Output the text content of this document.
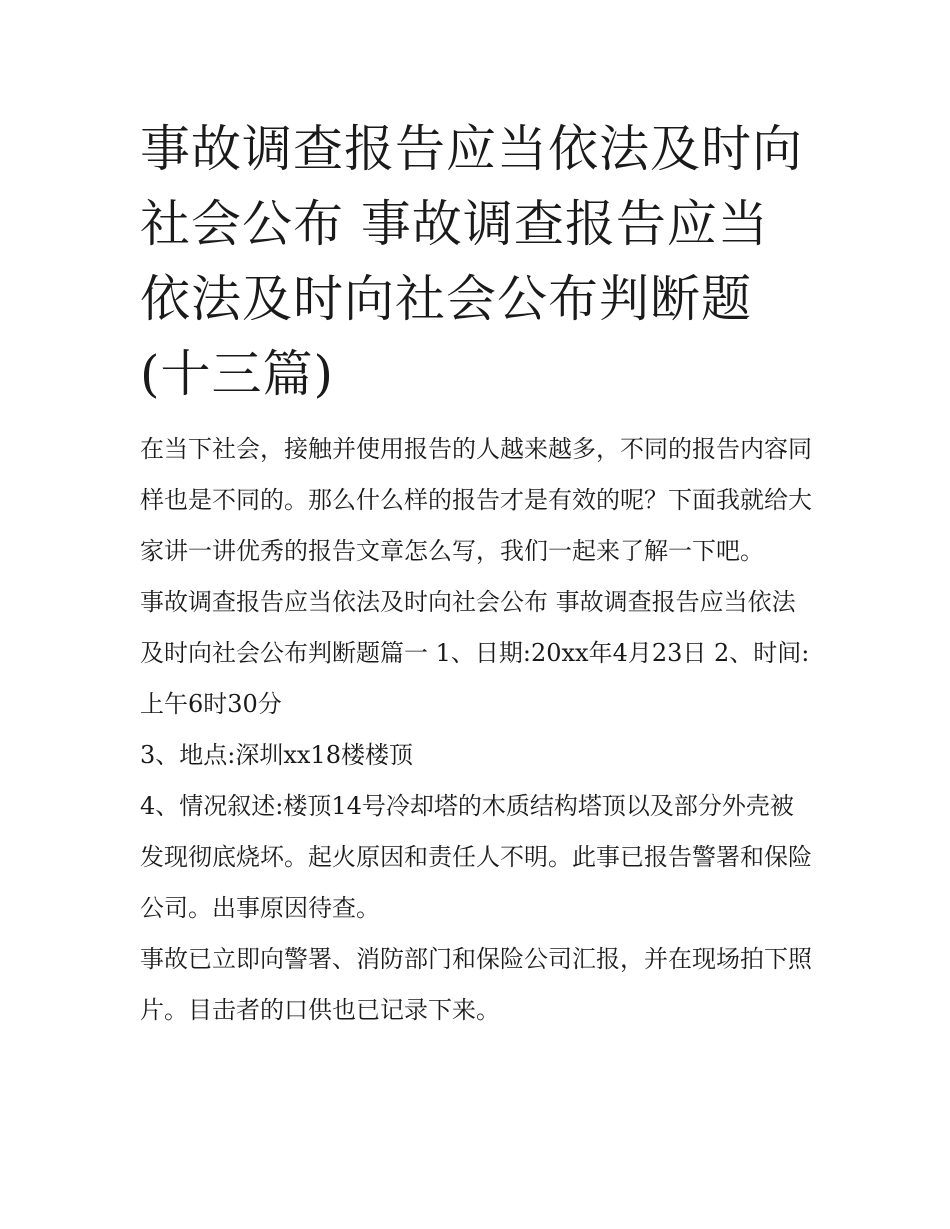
事故调查报告应当依法及时向社会公布 事故调查报告应当依法及时向社会公布判断题(十三篇)

在当下社会，接触并使用报告的人越来越多，不同的报告内容同样也是不同的。那么什么样的报告才是有效的呢？下面我就给大家讲一讲优秀的报告文章怎么写，我们一起来了解一下吧。

事故调查报告应当依法及时向社会公布 事故调查报告应当依法及时向社会公布判断题篇一 1、日期:20xx年4月23日 2、时间:上午6时30分

3、地点:深圳xx18楼楼顶

4、情况叙述:楼顶14号冷却塔的木质结构塔顶以及部分外壳被发现彻底烧坏。起火原因和责任人不明。此事已报告警署和保险公司。出事原因待查。

事故已立即向警署、消防部门和保险公司汇报，并在现场拍下照片。目击者的口供也已记录下来。
